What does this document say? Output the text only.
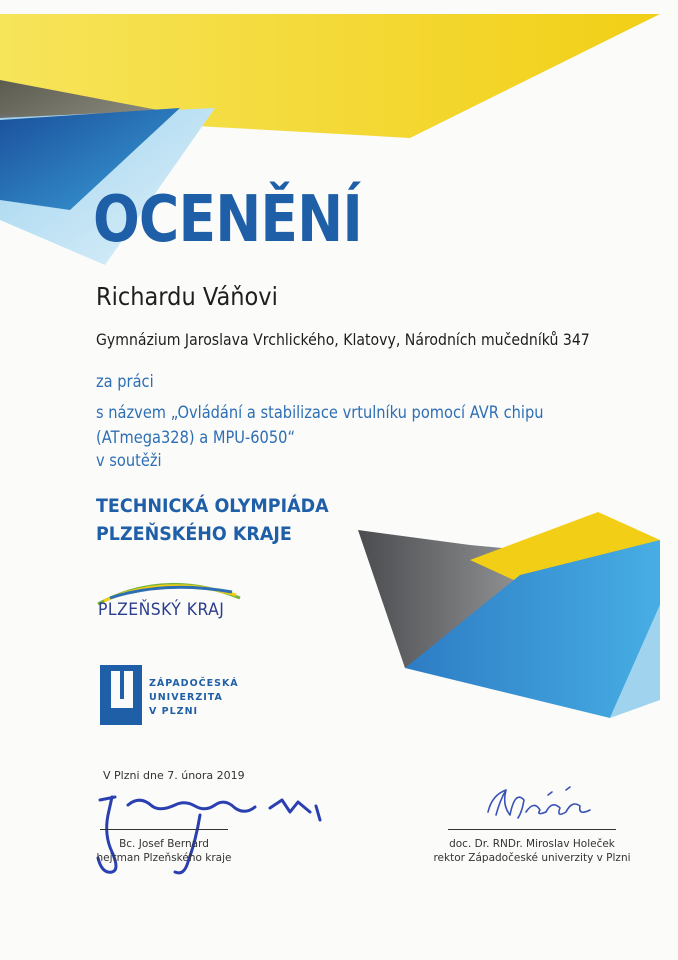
OCENĚNÍ
Richardu Váňovi
Gymnázium Jaroslava Vrchlického, Klatovy, Národních mučedníků 347
za práci
s názvem „Ovládání a stabilizace vrtulníku pomocí AVR chipu
(ATmega328) a MPU-6050“
v soutěži
TECHNICKÁ OLYMPIÁDA
PLZEŇSKÉHO KRAJE
PLZEŇSKÝ KRAJ
ZÁPADOČESKÁ
UNIVERZITA
V PLZNI
V Plzni dne 7. února 2019
Bc. Josef Bernard
hejtman Plzeňského kraje
doc. Dr. RNDr. Miroslav Holeček
rektor Západočeské univerzity v Plzni
